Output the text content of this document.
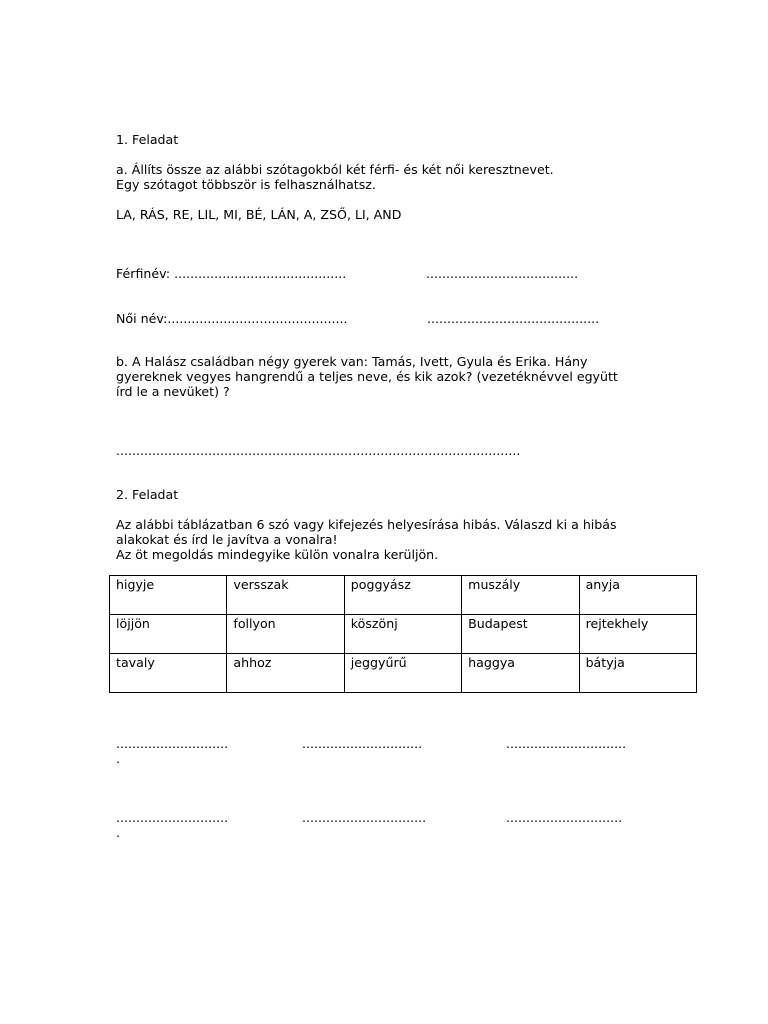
1. Feladat
a. Állíts össze az alábbi szótagokból két férfi- és két női keresztnevet.
Egy szótagot többször is felhasználhatsz.
LA, RÁS, RE, LIL, MI, BÉ, LÁN, A, ZSŐ, LI, AND
Férfinév: ...........................................	......................................
Női név:.............................................	...........................................
b. A Halász családban négy gyerek van: Tamás, Ivett, Gyula és Erika. Hány
gyereknek vegyes hangrendű a teljes neve, és kik azok? (vezetéknévvel együtt
írd le a nevüket) ?
.....................................................................................................
2. Feladat
Az alábbi táblázatban 6 szó vagy kifejezés helyesírása hibás. Válaszd ki a hibás
alakokat és írd le javítva a vonalra!
Az öt megoldás mindegyike külön vonalra kerüljön.
higyje	versszak	poggyász	muszály	anyja
löjjön	follyon	köszönj	Budapest	rejtekhely
tavaly	ahhoz	jeggyűrű	haggya	bátyja
............................	..............................	..............................
.
............................	...............................	.............................
.
